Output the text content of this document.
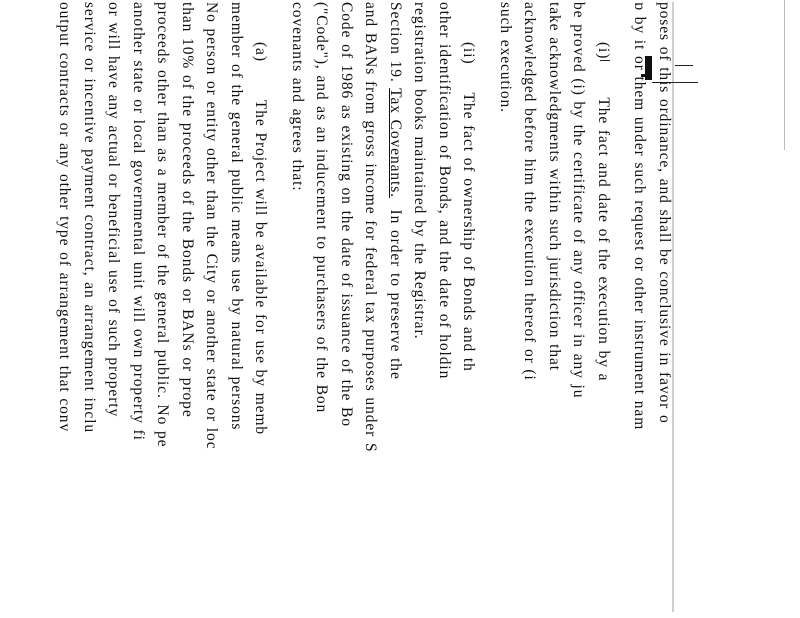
poses of this ordinance, and shall be conclusive in favor o
ɒ by it or them under such request or other instrument nam
(i)The fact and date of the execution by a
be proved (i) by the certificate of any officer in any ju
take acknowledgments within such jurisdiction that
acknowledged before him the execution thereof or (i
such execution.
(ii)The fact of ownership of Bonds and th
other identification of Bonds, and the date of holdin
registration books maintained by the Registrar.
Section 19. Tax Covenants.  In order to preserve the
and BANs from gross income for federal tax purposes under S
Code of 1986 as existing on the date of issuance of the Bo
("Code"), and as an inducement to purchasers of the Bon
covenants and agrees that:
(a)The Project will be available for use by memb
member of the general public means use by natural persons
No person or entity other than the City or another state or loc
than 10% of the proceeds of the Bonds or BANs or prope
proceeds other than as a member of the general public. No pe
another state or local governmental unit will own property fi
or will have any actual or beneficial use of such property
service or incentive payment contract, an arrangement inclu
output contracts or any other type of arrangement that conv
